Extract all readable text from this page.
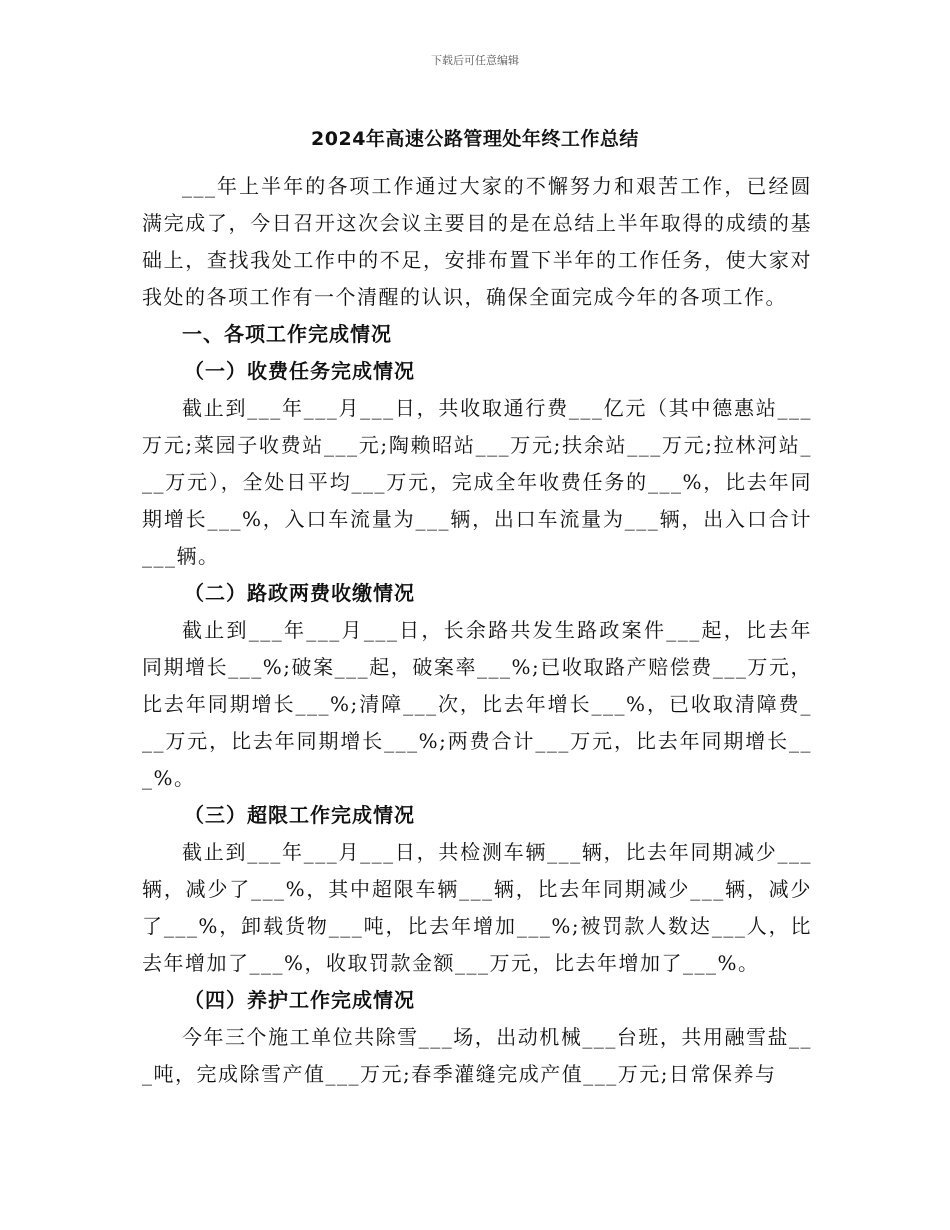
下载后可任意编辑
2024年高速公路管理处年终工作总结

___年上半年的各项工作通过大家的不懈努力和艰苦工作，已经圆满完成了，今日召开这次会议主要目的是在总结上半年取得的成绩的基础上，查找我处工作中的不足，安排布置下半年的工作任务，使大家对我处的各项工作有一个清醒的认识，确保全面完成今年的各项工作。

一、各项工作完成情况

（一）收费任务完成情况

截止到___年___月___日，共收取通行费___亿元（其中德惠站___万元;菜园子收费站___元;陶赖昭站___万元;扶余站___万元;拉林河站___万元），全处日平均___万元，完成全年收费任务的___%，比去年同期增长___%，入口车流量为___辆，出口车流量为___辆，出入口合计___辆。

（二）路政两费收缴情况

截止到___年___月___日，长余路共发生路政案件___起，比去年同期增长___%;破案___起，破案率___%;已收取路产赔偿费___万元，比去年同期增长___%;清障___次，比去年增长___%，已收取清障费___万元，比去年同期增长___%;两费合计___万元，比去年同期增长___%。

（三）超限工作完成情况

截止到___年___月___日，共检测车辆___辆，比去年同期减少___辆，减少了___%，其中超限车辆___辆，比去年同期减少___辆，减少了___%，卸载货物___吨，比去年增加___%;被罚款人数达___人，比去年增加了___%，收取罚款金额___万元，比去年增加了___%。

（四）养护工作完成情况

今年三个施工单位共除雪___场，出动机械___台班，共用融雪盐___吨，完成除雪产值___万元;春季灌缝完成产值___万元;日常保养与
